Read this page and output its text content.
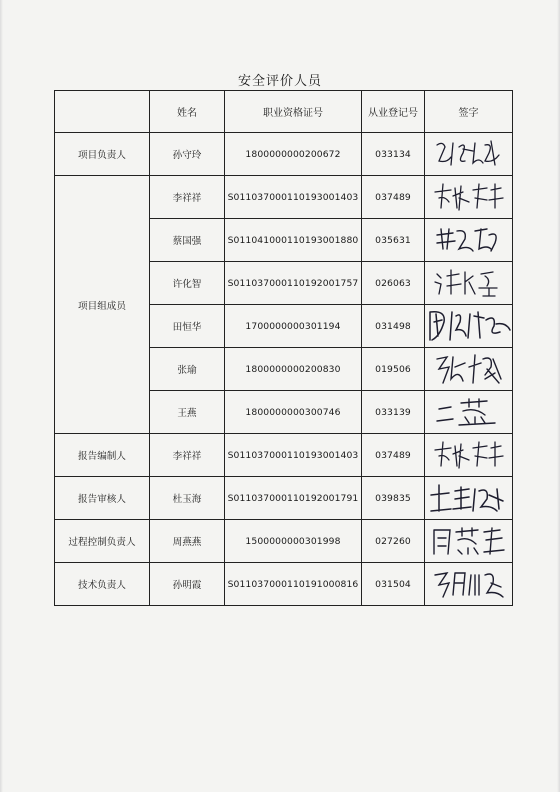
安全评价人员
	姓名	职业资格证号	从业登记号	签字
项目负责人	孙守玲	1800000000200672	033134	

项目组成员	李祥祥	S011037000110193001403	037489	

	蔡国强	S011041000110193001880	035631	

	许化智	S011037000110192001757	026063	

	田恒华	1700000000301194	031498	

	张瑜	1800000000200830	019506	

	王燕	1800000000300746	033139	

报告编制人	李祥祥	S011037000110193001403	037489	

报告审核人	杜玉海	S011037000110192001791	039835	

过程控制负责人	周燕燕	1500000000301998	027260	

技术负责人	孙明霞	S011037000110191000816	031504	
